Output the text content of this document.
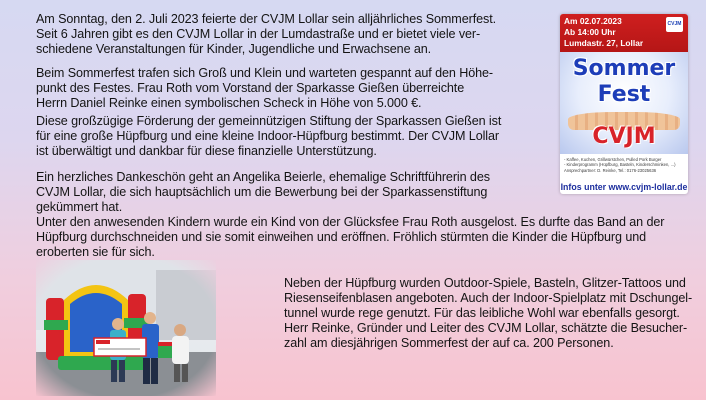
Am Sonntag, den 2. Juli 2023 feierte der CVJM Lollar sein alljährliches Sommerfest.
Seit 6 Jahren gibt es den CVJM Lollar in der Lumdastraße und er bietet viele ver-
schiedene Veranstaltungen für Kinder, Jugendliche und Erwachsene an.

Beim Sommerfest trafen sich Groß und Klein und warteten gespannt auf den Höhe-
punkt des Festes. Frau Roth vom Vorstand der Sparkasse Gießen überreichte
Herrn Daniel Reinke einen symbolischen Scheck in Höhe von 5.000 €.

Diese großzügige Förderung der gemeinnützigen Stiftung der Sparkassen Gießen ist
für eine große Hüpfburg und eine kleine Indoor-Hüpfburg bestimmt. Der CVJM Lollar
ist überwältigt und dankbar für diese finanzielle Unterstützung.

Ein herzliches Dankeschön geht an Angelika Beierle, ehemalige Schriftführerin des
CVJM Lollar, die sich hauptsächlich um die Bewerbung bei der Sparkassenstiftung
gekümmert hat.
Unter den anwesenden Kindern wurde ein Kind von der Glücksfee Frau Roth ausgelost. Es durfte das Band an der
Hüpfburg durchschneiden und sie somit einweihen und eröffnen. Fröhlich stürmten die Kinder die Hüpfburg und
eroberten sie für sich.

Neben der Hüpfburg wurden Outdoor-Spiele, Basteln, Glitzer-Tattoos und
Riesenseifenblasen angeboten. Auch der Indoor-Spielplatz mit Dschungel-
tunnel wurde rege genutzt. Für das leibliche Wohl war ebenfalls gesorgt.
Herr Reinke, Gründer und Leiter des CVJM Lollar, schätzte die Besucher-
zahl am diesjährigen Sommerfest der auf ca. 200 Personen.

Am 02.07.2023
Ab 14:00 Uhr
Lumdastr. 27, Lollar
CVJM
Sommer
Fest
CVJM
- Kaffee, Kuchen, Grillwürstchen, Pulled Pork Burger
- Kinderprogramm (Hüpfburg, Basteln, Kinderschminken, ...)
Ansprechpartner: D. Reinke, Tel.: 0176-23025636
Infos unter www.cvjm-lollar.de
